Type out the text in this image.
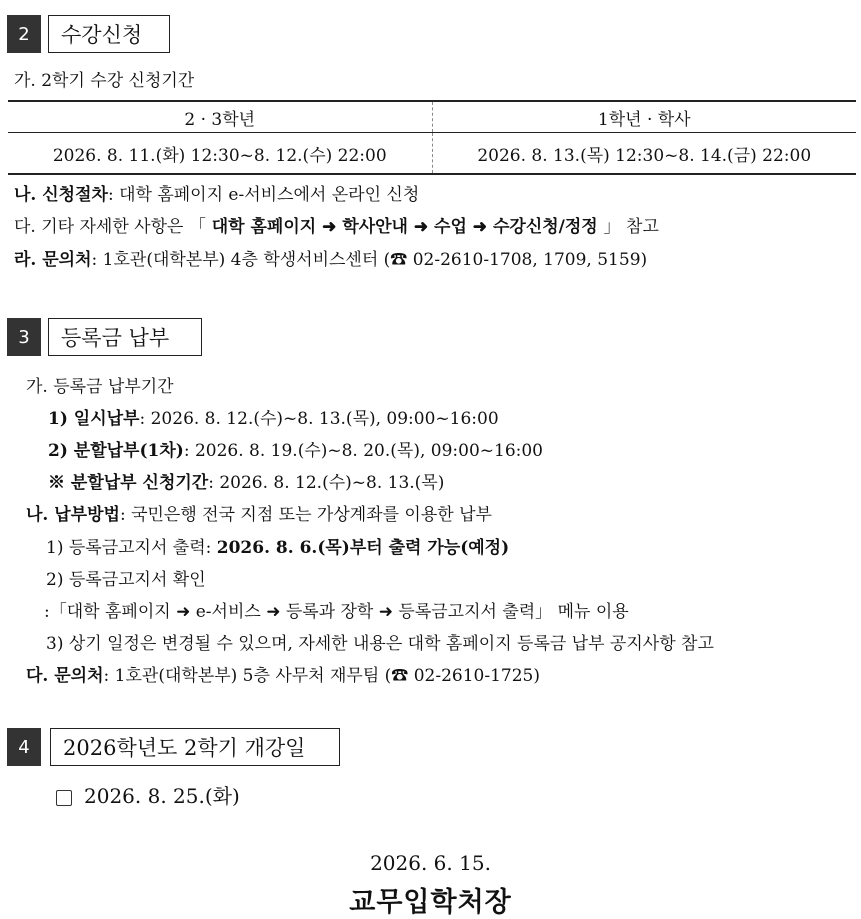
2	수강신청
가. 2학기 수강 신청기간
2 · 3학년	1학년 · 학사
2026. 8. 11.(화) 12:30~8. 12.(수) 22:00	2026. 8. 13.(목) 12:30~8. 14.(금) 22:00
나. 신청절차: 대학 홈페이지 e-서비스에서 온라인 신청
다. 기타 자세한 사항은 「 대학 홈페이지 ➜ 학사안내 ➜ 수업 ➜ 수강신청/정정 」 참고
라. 문의처: 1호관(대학본부) 4층 학생서비스센터 (☎ 02-2610-1708, 1709, 5159)
3	등록금 납부
가. 등록금 납부기간
1) 일시납부: 2026. 8. 12.(수)~8. 13.(목), 09:00~16:00
2) 분할납부(1차): 2026. 8. 19.(수)~8. 20.(목), 09:00~16:00
※ 분할납부 신청기간: 2026. 8. 12.(수)~8. 13.(목)
나. 납부방법: 국민은행 전국 지점 또는 가상계좌를 이용한 납부
1) 등록금고지서 출력: 2026. 8. 6.(목)부터 출력 가능(예정)
2) 등록금고지서 확인
:「대학 홈페이지 ➜ e-서비스 ➜ 등록과 장학 ➜ 등록금고지서 출력」 메뉴 이용
3) 상기 일정은 변경될 수 있으며, 자세한 내용은 대학 홈페이지 등록금 납부 공지사항 참고
다. 문의처: 1호관(대학본부) 5층 사무처 재무팀 (☎ 02-2610-1725)
4	2026학년도 2학기 개강일
2026. 8. 25.(화)
2026. 6. 15.
교무입학처장
